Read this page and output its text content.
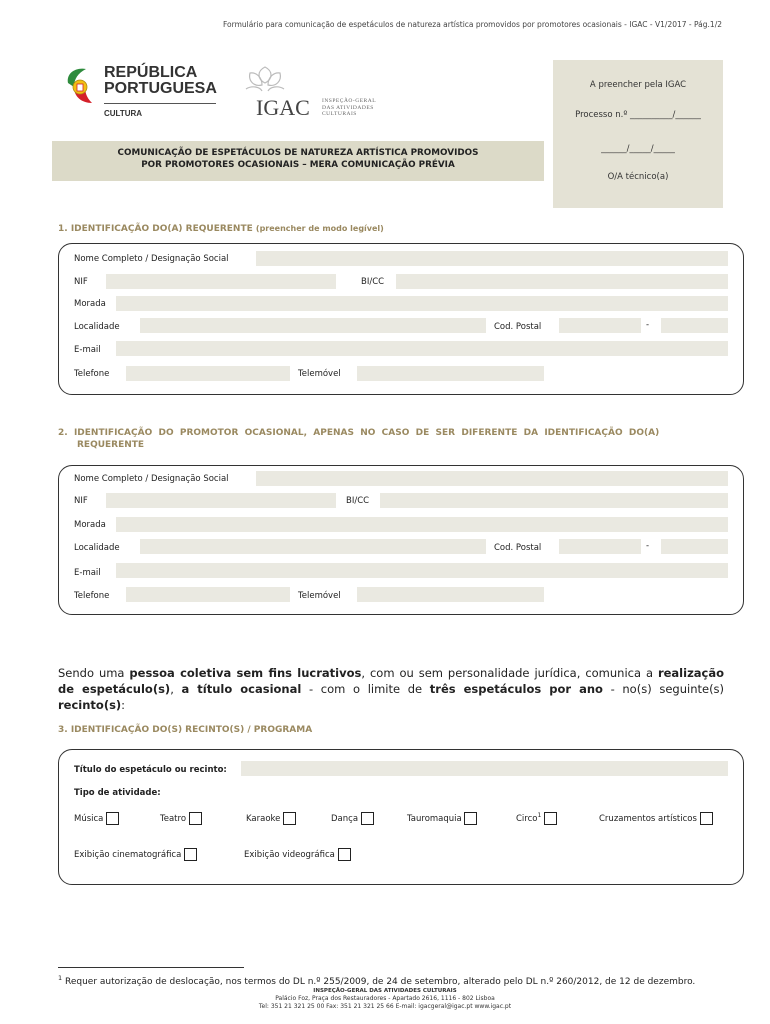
Formulário para comunicação de espetáculos de natureza artística promovidos por promotores ocasionais - IGAC - V1/2017 - Pág.1/2
REPÚBLICA
PORTUGUESA
CULTURA	IGAC INSPEÇÃO-GERAL
DAS ATIVIDADES
CULTURAIS
A preencher pela IGAC
Processo n.º __________/______
______/_____/_____
O/A técnico(a)
COMUNICAÇÃO DE ESPETÁCULOS DE NATUREZA ARTÍSTICA PROMOVIDOS
POR PROMOTORES OCASIONAIS – MERA COMUNICAÇÃO PRÉVIA
1. IDENTIFICAÇÃO DO(A) REQUERENTE (preencher de modo legível)
Nome Completo / Designação Social
NIF	BI/CC
Morada
Localidade	Cod. Postal	-
E-mail
Telefone	Telemóvel
2.  IDENTIFICAÇÃO  DO  PROMOTOR  OCASIONAL,  APENAS  NO  CASO  DE  SER  DIFERENTE  DA  IDENTIFICAÇÃO  DO(A)
REQUERENTE
Nome Completo / Designação Social
NIF	BI/CC
Morada
Localidade	Cod. Postal	-
E-mail
Telefone	Telemóvel
Sendo uma pessoa coletiva sem fins lucrativos, com ou sem personalidade jurídica, comunica a realização de espetáculo(s), a título ocasional - com o limite de três espetáculos por ano - no(s) seguinte(s) recinto(s):
3. IDENTIFICAÇÃO DO(S) RECINTO(S) / PROGRAMA
Título do espetáculo ou recinto:
Tipo de atividade:
Música	Teatro	Karaoke	Dança	Tauromaquia	Circo$^1$	Cruzamentos artísticos
Exibição cinematográfica	Exibição videográfica
$^1$ Requer autorização de deslocação, nos termos do DL n.º 255/2009, de 24 de setembro, alterado pelo DL n.º 260/2012, de 12 de dezembro.
INSPEÇÃO-GERAL DAS ATIVIDADES CULTURAIS
Palácio Foz, Praça dos Restauradores - Apartado 2616, 1116 - 802 Lisboa
Tel: 351 21 321 25 00 Fax: 351 21 321 25 66 E-mail: igacgeral@igac.pt www.igac.pt
